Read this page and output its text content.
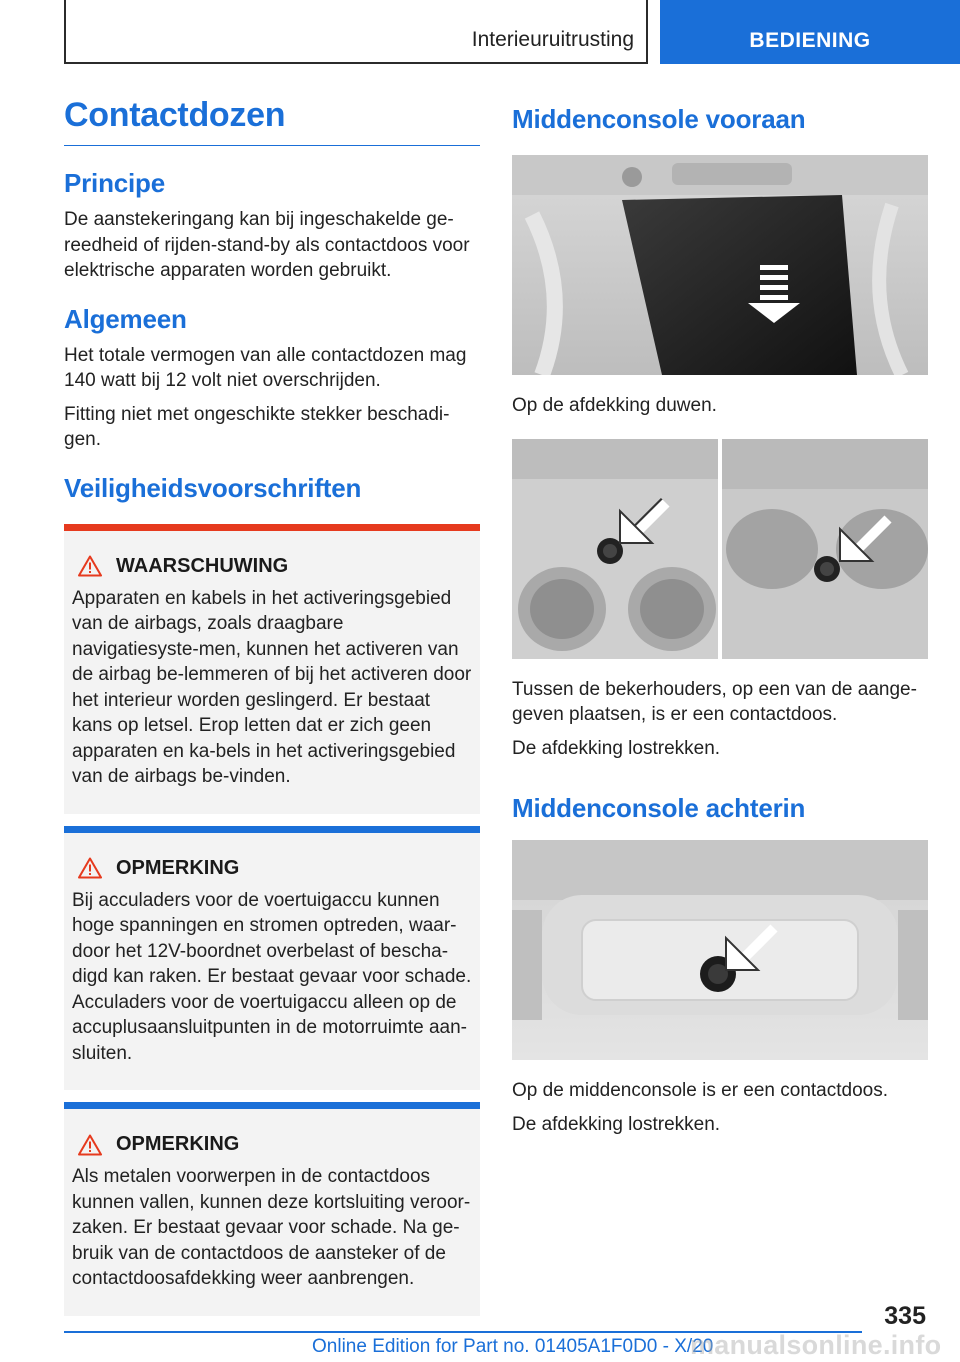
Interieuruitrusting	BEDIENING
Contactdozen
Principe

De aanstekeringang kan bij ingeschakelde ge-reedheid of rijden-stand-by als contactdoos voor elektrische apparaten worden gebruikt.

Algemeen

Het totale vermogen van alle contactdozen mag 140 watt bij 12 volt niet overschrijden.

Fitting niet met ongeschikte stekker beschadi-gen.

Veiligheidsvoorschriften
WAARSCHUWING
Apparaten en kabels in het activeringsgebied van de airbags, zoals draagbare navigatiesyste-men, kunnen het activeren van de airbag be-lemmeren of bij het activeren door het interieur worden geslingerd. Er bestaat kans op letsel. Erop letten dat er zich geen apparaten en ka-bels in het activeringsgebied van de airbags be-vinden.
OPMERKING
Bij acculaders voor de voertuigaccu kunnen hoge spanningen en stromen optreden, waar-door het 12V-boordnet overbelast of bescha-digd kan raken. Er bestaat gevaar voor schade. Acculaders voor de voertuigaccu alleen op de accuplusaansluitpunten in de motorruimte aan-sluiten.
OPMERKING
Als metalen voorwerpen in de contactdoos kunnen vallen, kunnen deze kortsluiting veroor-zaken. Er bestaat gevaar voor schade. Na ge-bruik van de contactdoos de aansteker of de contactdoosafdekking weer aanbrengen.
Middenconsole vooraan

Op de afdekking duwen.

Tussen de bekerhouders, op een van de aange-geven plaatsen, is er een contactdoos.

De afdekking lostrekken.

Middenconsole achterin

Op de middenconsole is er een contactdoos.

De afdekking lostrekken.

335
Online Edition for Part no. 01405A1F0D0 - X/20
manualsonline.info
